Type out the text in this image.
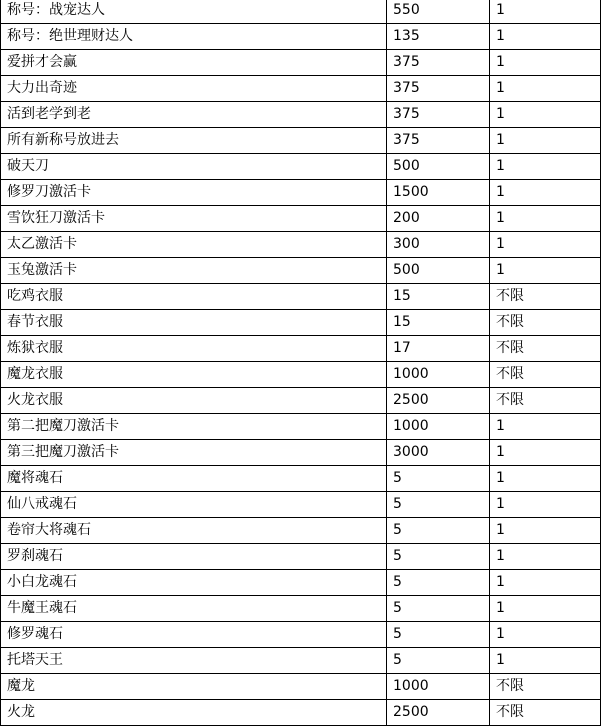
称号：战宠达人	550	1
称号：绝世理财达人	135	1
爱拼才会赢	375	1
大力出奇迹	375	1
活到老学到老	375	1
所有新称号放进去	375	1
破天刀	500	1
修罗刀激活卡	1500	1
雪饮狂刀激活卡	200	1
太乙激活卡	300	1
玉兔激活卡	500	1
吃鸡衣服	15	不限
春节衣服	15	不限
炼狱衣服	17	不限
魔龙衣服	1000	不限
火龙衣服	2500	不限
第二把魔刀激活卡	1000	1
第三把魔刀激活卡	3000	1
魔将魂石	5	1
仙八戒魂石	5	1
卷帘大将魂石	5	1
罗刹魂石	5	1
小白龙魂石	5	1
牛魔王魂石	5	1
修罗魂石	5	1
托塔天王	5	1
魔龙	1000	不限
火龙	2500	不限
